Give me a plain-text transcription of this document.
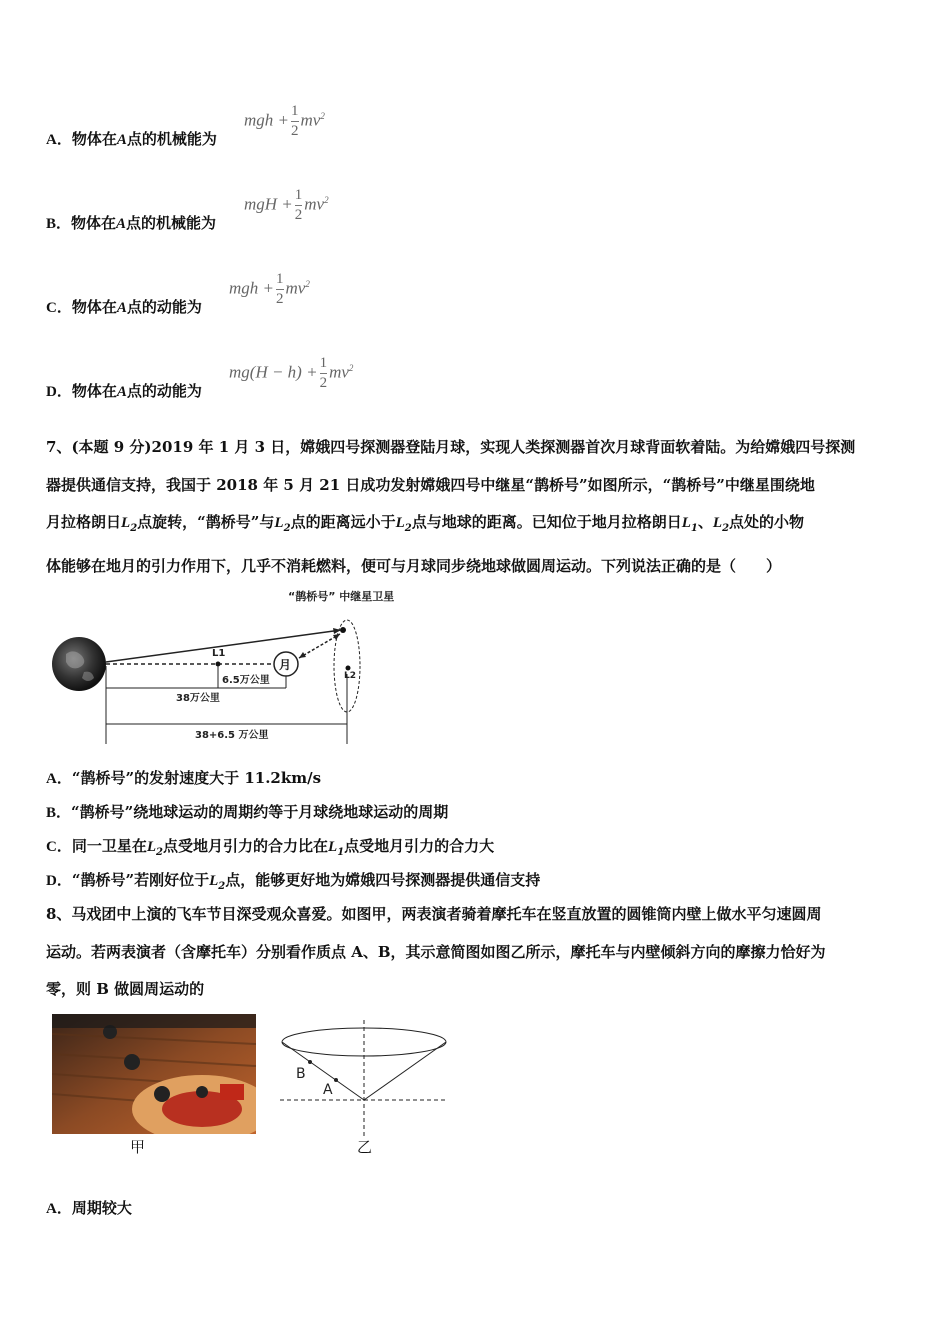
A．物体在A点的机械能为
mgh + $\frac{1}{2} mv^2$
B．物体在A点的机械能为
mgH + $\frac{1}{2} mv^2$
C．物体在A点的动能为
mgh + $\frac{1}{2} mv^2$
D．物体在A点的动能为
$mg(H - h) + \frac{1}{2} mv^2$

7、(本题 9 分)2019 年 1 月 3 日，嫦娥四号探测器登陆月球，实现人类探测器首次月球背面软着陆。为给嫦娥四号探测

器提供通信支持，我国于 2018 年 5 月 21 日成功发射嫦娥四号中继星“鹊桥号”如图所示，“鹊桥号”中继星围绕地

月拉格朗日$L_2$点旋转，“鹊桥号”与$L_2$点的距离远小于$L_2$点与地球的距离。已知位于地月拉格朗日$L_1$、$L_2$点处的小物

体能够在地月的引力作用下，几乎不消耗燃料，便可与月球同步绕地球做圆周运动。下列说法正确的是（　　）

“鹊桥号” 中继星卫星
L2
L1
月
6.5万公里
38万公里
38+6.5 万公里
A．“鹊桥号”的发射速度大于 11.2km/s
B．“鹊桥号”绕地球运动的周期约等于月球绕地球运动的周期
C．同一卫星在$L_2$点受地月引力的合力比在$L_1$点受地月引力的合力大
D．“鹊桥号”若刚好位于$L_2$点，能够更好地为嫦娥四号探测器提供通信支持

8、马戏团中上演的飞车节目深受观众喜爱。如图甲，两表演者骑着摩托车在竖直放置的圆锥筒内壁上做水平匀速圆周

运动。若两表演者（含摩托车）分别看作质点 A、B，其示意简图如图乙所示，摩托车与内壁倾斜方向的摩擦力恰好为

零，则 B 做圆周运动的

甲
B
A
乙
A．周期较大
